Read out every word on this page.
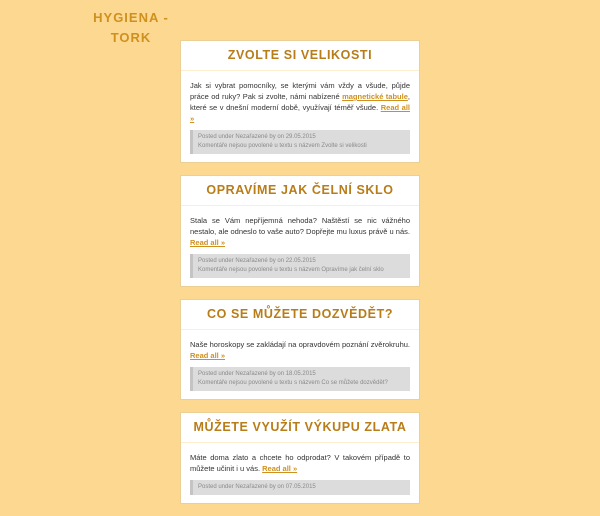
HYGIENA -
TORK
ZVOLTE SI VELIKOSTI
Jak si vybrat pomocníky, se kterými vám vždy a všude, půjde práce od ruky? Pak si zvolte, námi nabízené magnetické tabule, které se v dnešní moderní době, využívají téměř všude. Read all »
Posted under Nezařazené by on 29.05.2015
Komentáře nejsou povolené u textu s názvem Zvolte si velikosti
OPRAVÍME JAK ČELNÍ SKLO
Stala se Vám nepříjemná nehoda? Naštěstí se nic vážného nestalo, ale odneslo to vaše auto? Dopřejte mu luxus právě u nás. Read all »
Posted under Nezařazené by on 22.05.2015
Komentáře nejsou povolené u textu s názvem Opravíme jak čelní sklo
CO SE MŮŽETE DOZVĚDĚT?
Naše horoskopy se zakládají na opravdovém poznání zvěrokruhu. Read all »
Posted under Nezařazené by on 18.05.2015
Komentáře nejsou povolené u textu s názvem Co se můžete dozvědět?
MŮŽETE VYUŽÍT VÝKUPU ZLATA
Máte doma zlato a chcete ho odprodat? V takovém případě to můžete učinit i u vás. Read all »
Posted under Nezařazené by on 07.05.2015
